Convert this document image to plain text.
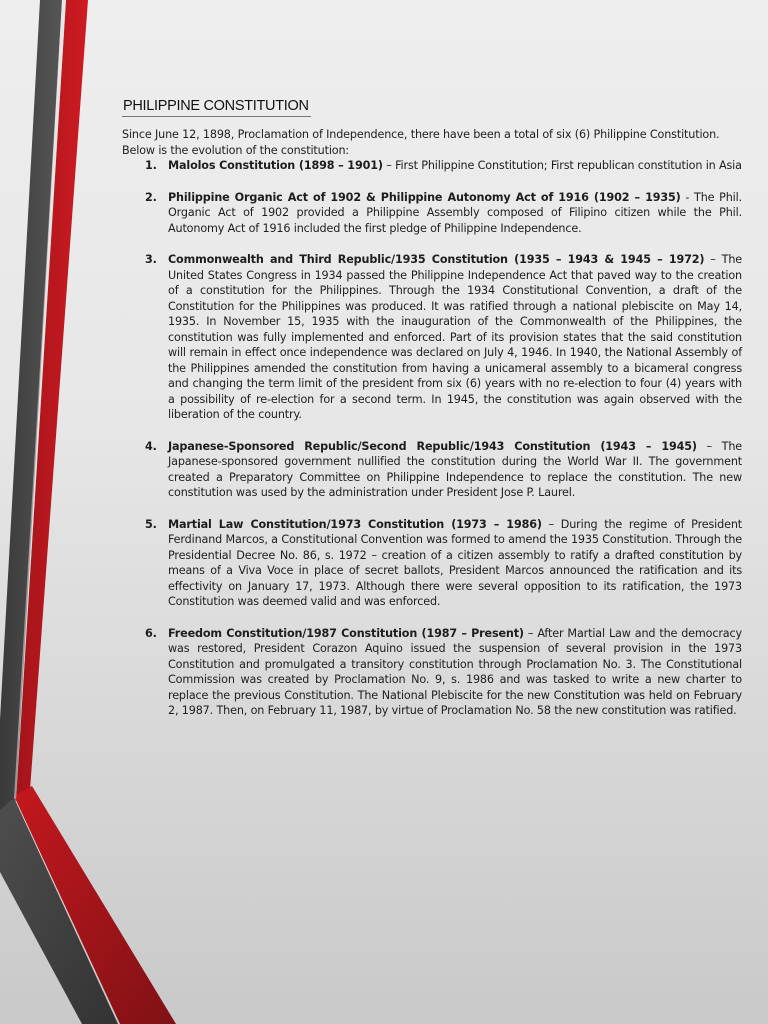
PHILIPPINE CONSTITUTION

Since June 12, 1898, Proclamation of Independence, there have been a total of six (6) Philippine Constitution. Below is the evolution of the constitution:

1. Malolos Constitution (1898 – 1901) – First Philippine Constitution; First republican constitution in Asia
2. Philippine Organic Act of 1902 & Philippine Autonomy Act of 1916 (1902 – 1935) - The Phil. Organic Act of 1902 provided a Philippine Assembly composed of Filipino citizen while the Phil. Autonomy Act of 1916 included the first pledge of Philippine Independence.
3. Commonwealth and Third Republic/1935 Constitution (1935 – 1943 & 1945 – 1972) – The United States Congress in 1934 passed the Philippine Independence Act that paved way to the creation of a constitution for the Philippines. Through the 1934 Constitutional Convention, a draft of the Constitution for the Philippines was produced. It was ratified through a national plebiscite on May 14, 1935. In November 15, 1935 with the inauguration of the Commonwealth of the Philippines, the constitution was fully implemented and enforced. Part of its provision states that the said constitution will remain in effect once independence was declared on July 4, 1946. In 1940, the National Assembly of the Philippines amended the constitution from having a unicameral assembly to a bicameral congress and changing the term limit of the president from six (6) years with no re-election to four (4) years with a possibility of re-election for a second term. In 1945, the constitution was again observed with the liberation of the country.
4. Japanese-Sponsored Republic/Second Republic/1943 Constitution (1943 – 1945) – The Japanese-sponsored government nullified the constitution during the World War II. The government created a Preparatory Committee on Philippine Independence to replace the constitution. The new constitution was used by the administration under President Jose P. Laurel.
5. Martial Law Constitution/1973 Constitution (1973 – 1986) – During the regime of President Ferdinand Marcos, a Constitutional Convention was formed to amend the 1935 Constitution. Through the Presidential Decree No. 86, s. 1972 – creation of a citizen assembly to ratify a drafted constitution by means of a Viva Voce in place of secret ballots, President Marcos announced the ratification and its effectivity on January 17, 1973. Although there were several opposition to its ratification, the 1973 Constitution was deemed valid and was enforced.
6. Freedom Constitution/1987 Constitution (1987 – Present) – After Martial Law and the democracy was restored, President Corazon Aquino issued the suspension of several provision in the 1973 Constitution and promulgated a transitory constitution through Proclamation No. 3. The Constitutional Commission was created by Proclamation No. 9, s. 1986 and was tasked to write a new charter to replace the previous Constitution. The National Plebiscite for the new Constitution was held on February 2, 1987. Then, on February 11, 1987, by virtue of Proclamation No. 58 the new constitution was ratified.
